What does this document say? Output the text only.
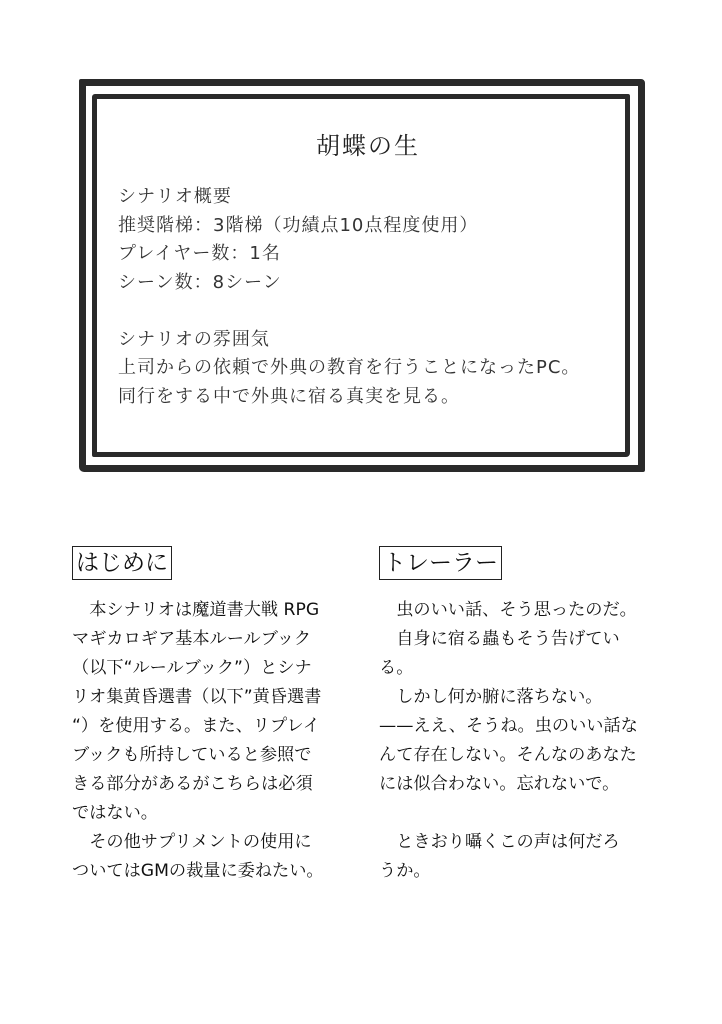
胡蝶の生
シナリオ概要
推奨階梯：3階梯（功績点10点程度使用）
プレイヤー数：1名
シーン数：8シーン
シナリオの雰囲気
上司からの依頼で外典の教育を行うことになったPC。
同行をする中で外典に宿る真実を見る。
はじめに

　本シナリオは魔道書大戦 RPG

マギカロギア基本ルールブック

（以下“ルールブック”）とシナ

リオ集黄昏選書（以下”黄昏選書

“）を使用する。また、リプレイ

ブックも所持していると参照で

きる部分があるがこちらは必須

ではない。

　その他サプリメントの使用に

ついてはGMの裁量に委ねたい。

トレーラー

　虫のいい話、そう思ったのだ。

　自身に宿る蟲もそう告げてい

る。

　しかし何か腑に落ちない。

——ええ、そうね。虫のいい話な

んて存在しない。そんなのあなた

には似合わない。忘れないで。

　ときおり囁くこの声は何だろ

うか。
